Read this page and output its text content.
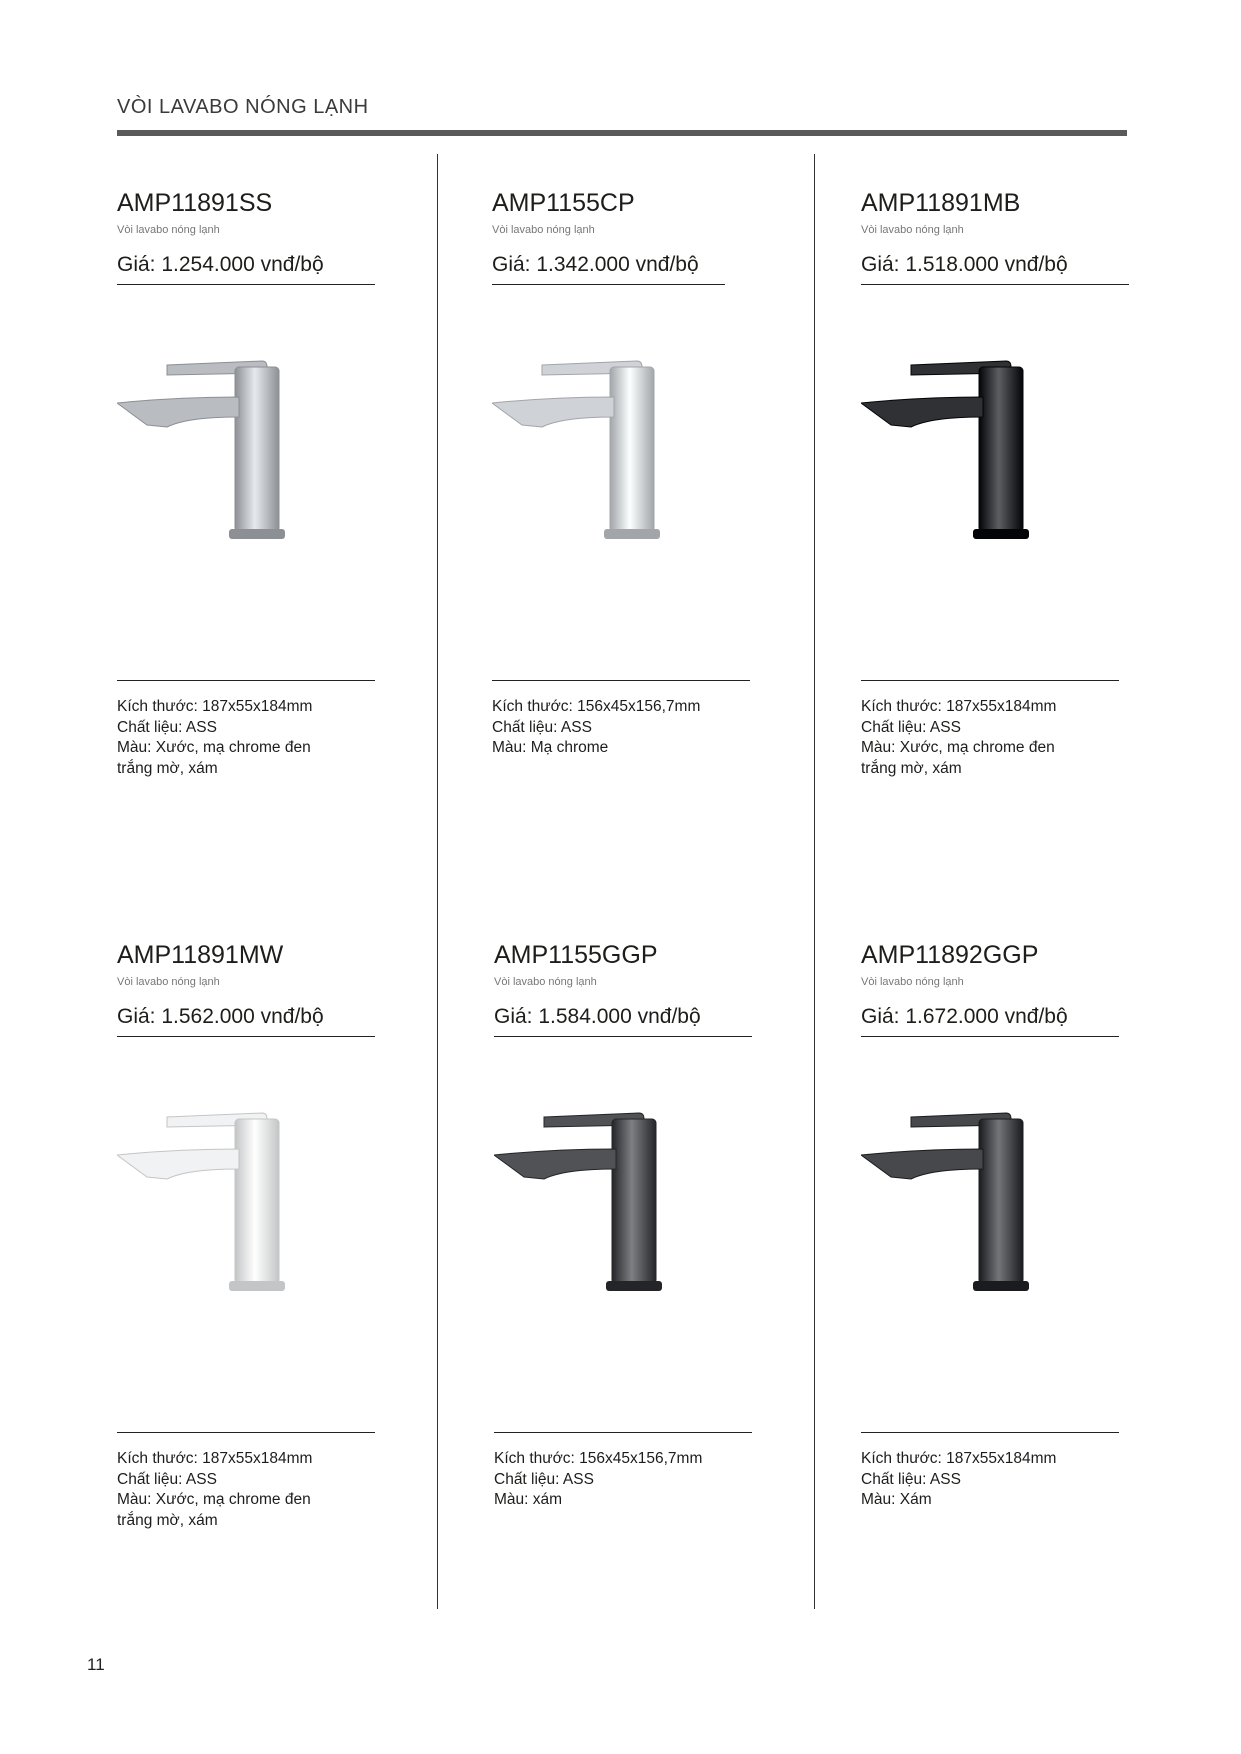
VÒI LAVABO NÓNG LẠNH
AMP11891SS
Vòi lavabo nóng lạnh
Giá: 1.254.000 vnđ/bộ
Kích thước: 187x55x184mm
Chất liệu: ASS
Màu: Xước, mạ chrome đen
trắng mờ, xám
AMP1155CP
Vòi lavabo nóng lạnh
Giá: 1.342.000 vnđ/bộ
Kích thước: 156x45x156,7mm
Chất liệu: ASS
Màu: Mạ chrome
AMP11891MB
Vòi lavabo nóng lạnh
Giá: 1.518.000 vnđ/bộ
Kích thước: 187x55x184mm
Chất liệu: ASS
Màu: Xước, mạ chrome đen
trắng mờ, xám
AMP11891MW
Vòi lavabo nóng lạnh
Giá: 1.562.000 vnđ/bộ
Kích thước: 187x55x184mm
Chất liệu: ASS
Màu: Xước, mạ chrome đen
trắng mờ, xám
AMP1155GGP
Vòi lavabo nóng lạnh
Giá: 1.584.000 vnđ/bộ
Kích thước: 156x45x156,7mm
Chất liệu: ASS
Màu: xám
AMP11892GGP
Vòi lavabo nóng lạnh
Giá: 1.672.000 vnđ/bộ
Kích thước: 187x55x184mm
Chất liệu: ASS
Màu: Xám
11
